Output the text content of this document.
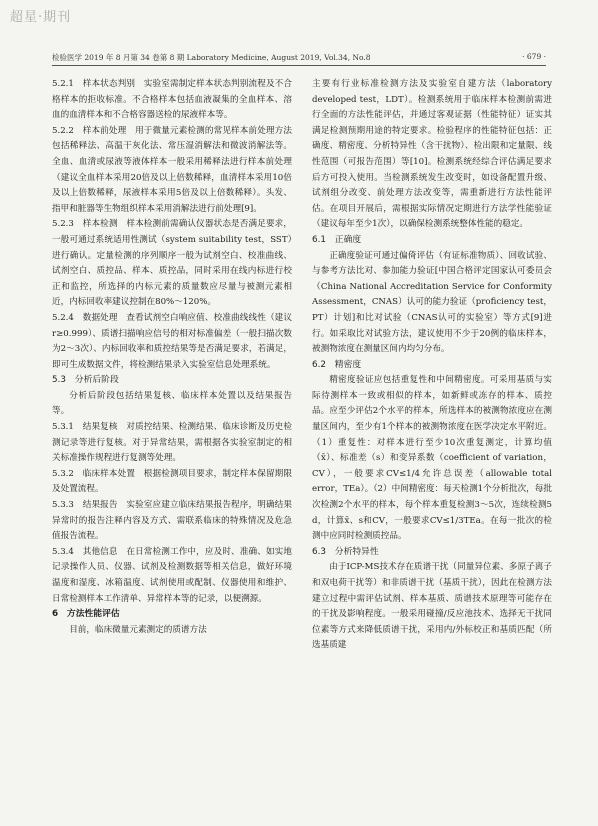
超星·期刊
检验医学 2019 年 8 月第 34 卷第 8 期 Laboratory Medicine, August 2019, Vol.34, No.8	· 679 ·

5.2.1　样本状态判别　实验室需制定样本状态判别流程及不合格样本的拒收标准。不合格样本包括血液凝集的全血样本、溶血的血清样本和不合格容器送检的尿液样本等。

5.2.2　样本前处理　用于微量元素检测的常见样本前处理方法包括稀释法、高温干灰化法、常压湿消解法和微波消解法等。全血、血清或尿液等液体样本一般采用稀释法进行样本前处理（建议全血样本采用20倍及以上倍数稀释，血清样本采用10倍及以上倍数稀释，尿液样本采用5倍及以上倍数稀释）。头发、指甲和脏器等生物组织样本采用消解法进行前处理[9]。

5.2.3　样本检测　样本检测前需确认仪器状态是否满足要求，一般可通过系统适用性测试（system suitability test，SST）进行确认。定量检测的序列顺序一般为试剂空白、校准曲线、试剂空白、质控品、样本、质控品，同时采用在线内标进行校正和监控，所选择的内标元素的质量数应尽量与被测元素相近，内标回收率建议控制在80%～120%。

5.2.4　数据处理　查看试剂空白响应值、校准曲线线性（建议r≥0.999）、质谱扫描响应信号的相对标准偏差（一般扫描次数为2～3次）、内标回收率和质控结果等是否满足要求，若满足，即可生成数据文件，将检测结果录入实验室信息处理系统。

5.3　分析后阶段

分析后阶段包括结果复核、临床样本处置以及结果报告等。

5.3.1　结果复核　对质控结果、检测结果、临床诊断及历史检测记录等进行复核。对于异常结果，需根据各实验室制定的相关标准操作规程进行复测等处理。

5.3.2　临床样本处置　根据检测项目要求，制定样本保留期限及处置流程。

5.3.3　结果报告　实验室应建立临床结果报告程序，明确结果异常时的报告注释内容及方式、需联系临床的特殊情况及危急值报告流程。

5.3.4　其他信息　在日常检测工作中，应及时、准确、如实地记录操作人员、仪器、试剂及检测数据等相关信息，做好环境温度和湿度、冰箱温度、试剂使用或配制、仪器使用和维护、日常检测样本工作清单、异常样本等的记录，以便溯源。

6　方法性能评估

目前，临床微量元素测定的质谱方法

主要有行业标准检测方法及实验室自建方法（laboratory developed test，LDT）。检测系统用于临床样本检测前需进行全面的方法性能评估，并通过客观证据（性能特征）证实其满足检测预期用途的特定要求。检验程序的性能特征包括：正确度、精密度、分析特异性（含干扰物）、检出限和定量限、线性范围（可报告范围）等[10]。检测系统经综合评估满足要求后方可投入使用。当检测系统发生改变时，如设备配置升级、试剂组分改变、前处理方法改变等，需重新进行方法性能评估。在项目开展后，需根据实际情况定期进行方法学性能验证（建议每年至少1次），以确保检测系统整体性能的稳定。

6.1　正确度

正确度验证可通过偏倚评估（有证标准物质）、回收试验、与参考方法比对、参加能力验证[中国合格评定国家认可委员会（China National Accreditation Service for Conformity Assessment，CNAS）认可的能力验证（proficiency test，PT）计划]和比对试验（CNAS认可的实验室）等方式[9]进行。如采取比对试验方法，建议使用不少于20例的临床样本，被测物浓度在测量区间内均匀分布。

6.2　精密度

精密度验证应包括重复性和中间精密度。可采用基质与实际待测样本一致或相似的样本，如新鲜或冻存的样本、质控品。应至少评估2个水平的样本，所选样本的被测物浓度应在测量区间内，至少有1个样本的被测物浓度在医学决定水平附近。（1）重复性：对样本进行至少10次重复测定，计算均值（x̄）、标准差（s）和变异系数（coefficient of variation，CV），一般要求CV≤1/4允许总误差（allowable total error，TEa）。（2）中间精密度：每天检测1个分析批次，每批次检测2个水平的样本，每个样本重复检测3～5次，连续检测5 d，计算x̄、s和CV，一般要求CV≤1/3TEa。在每一批次的检测中应同时检测质控品。

6.3　分析特异性

由于ICP-MS技术存在质谱干扰（同量异位素、多原子离子和双电荷干扰等）和非质谱干扰（基质干扰），因此在检测方法建立过程中需评估试剂、样本基质、质谱技术原理等可能存在的干扰及影响程度。一般采用碰撞/反应池技术、选择无干扰同位素等方式来降低质谱干扰，采用内/外标校正和基质匹配（所选基质建
